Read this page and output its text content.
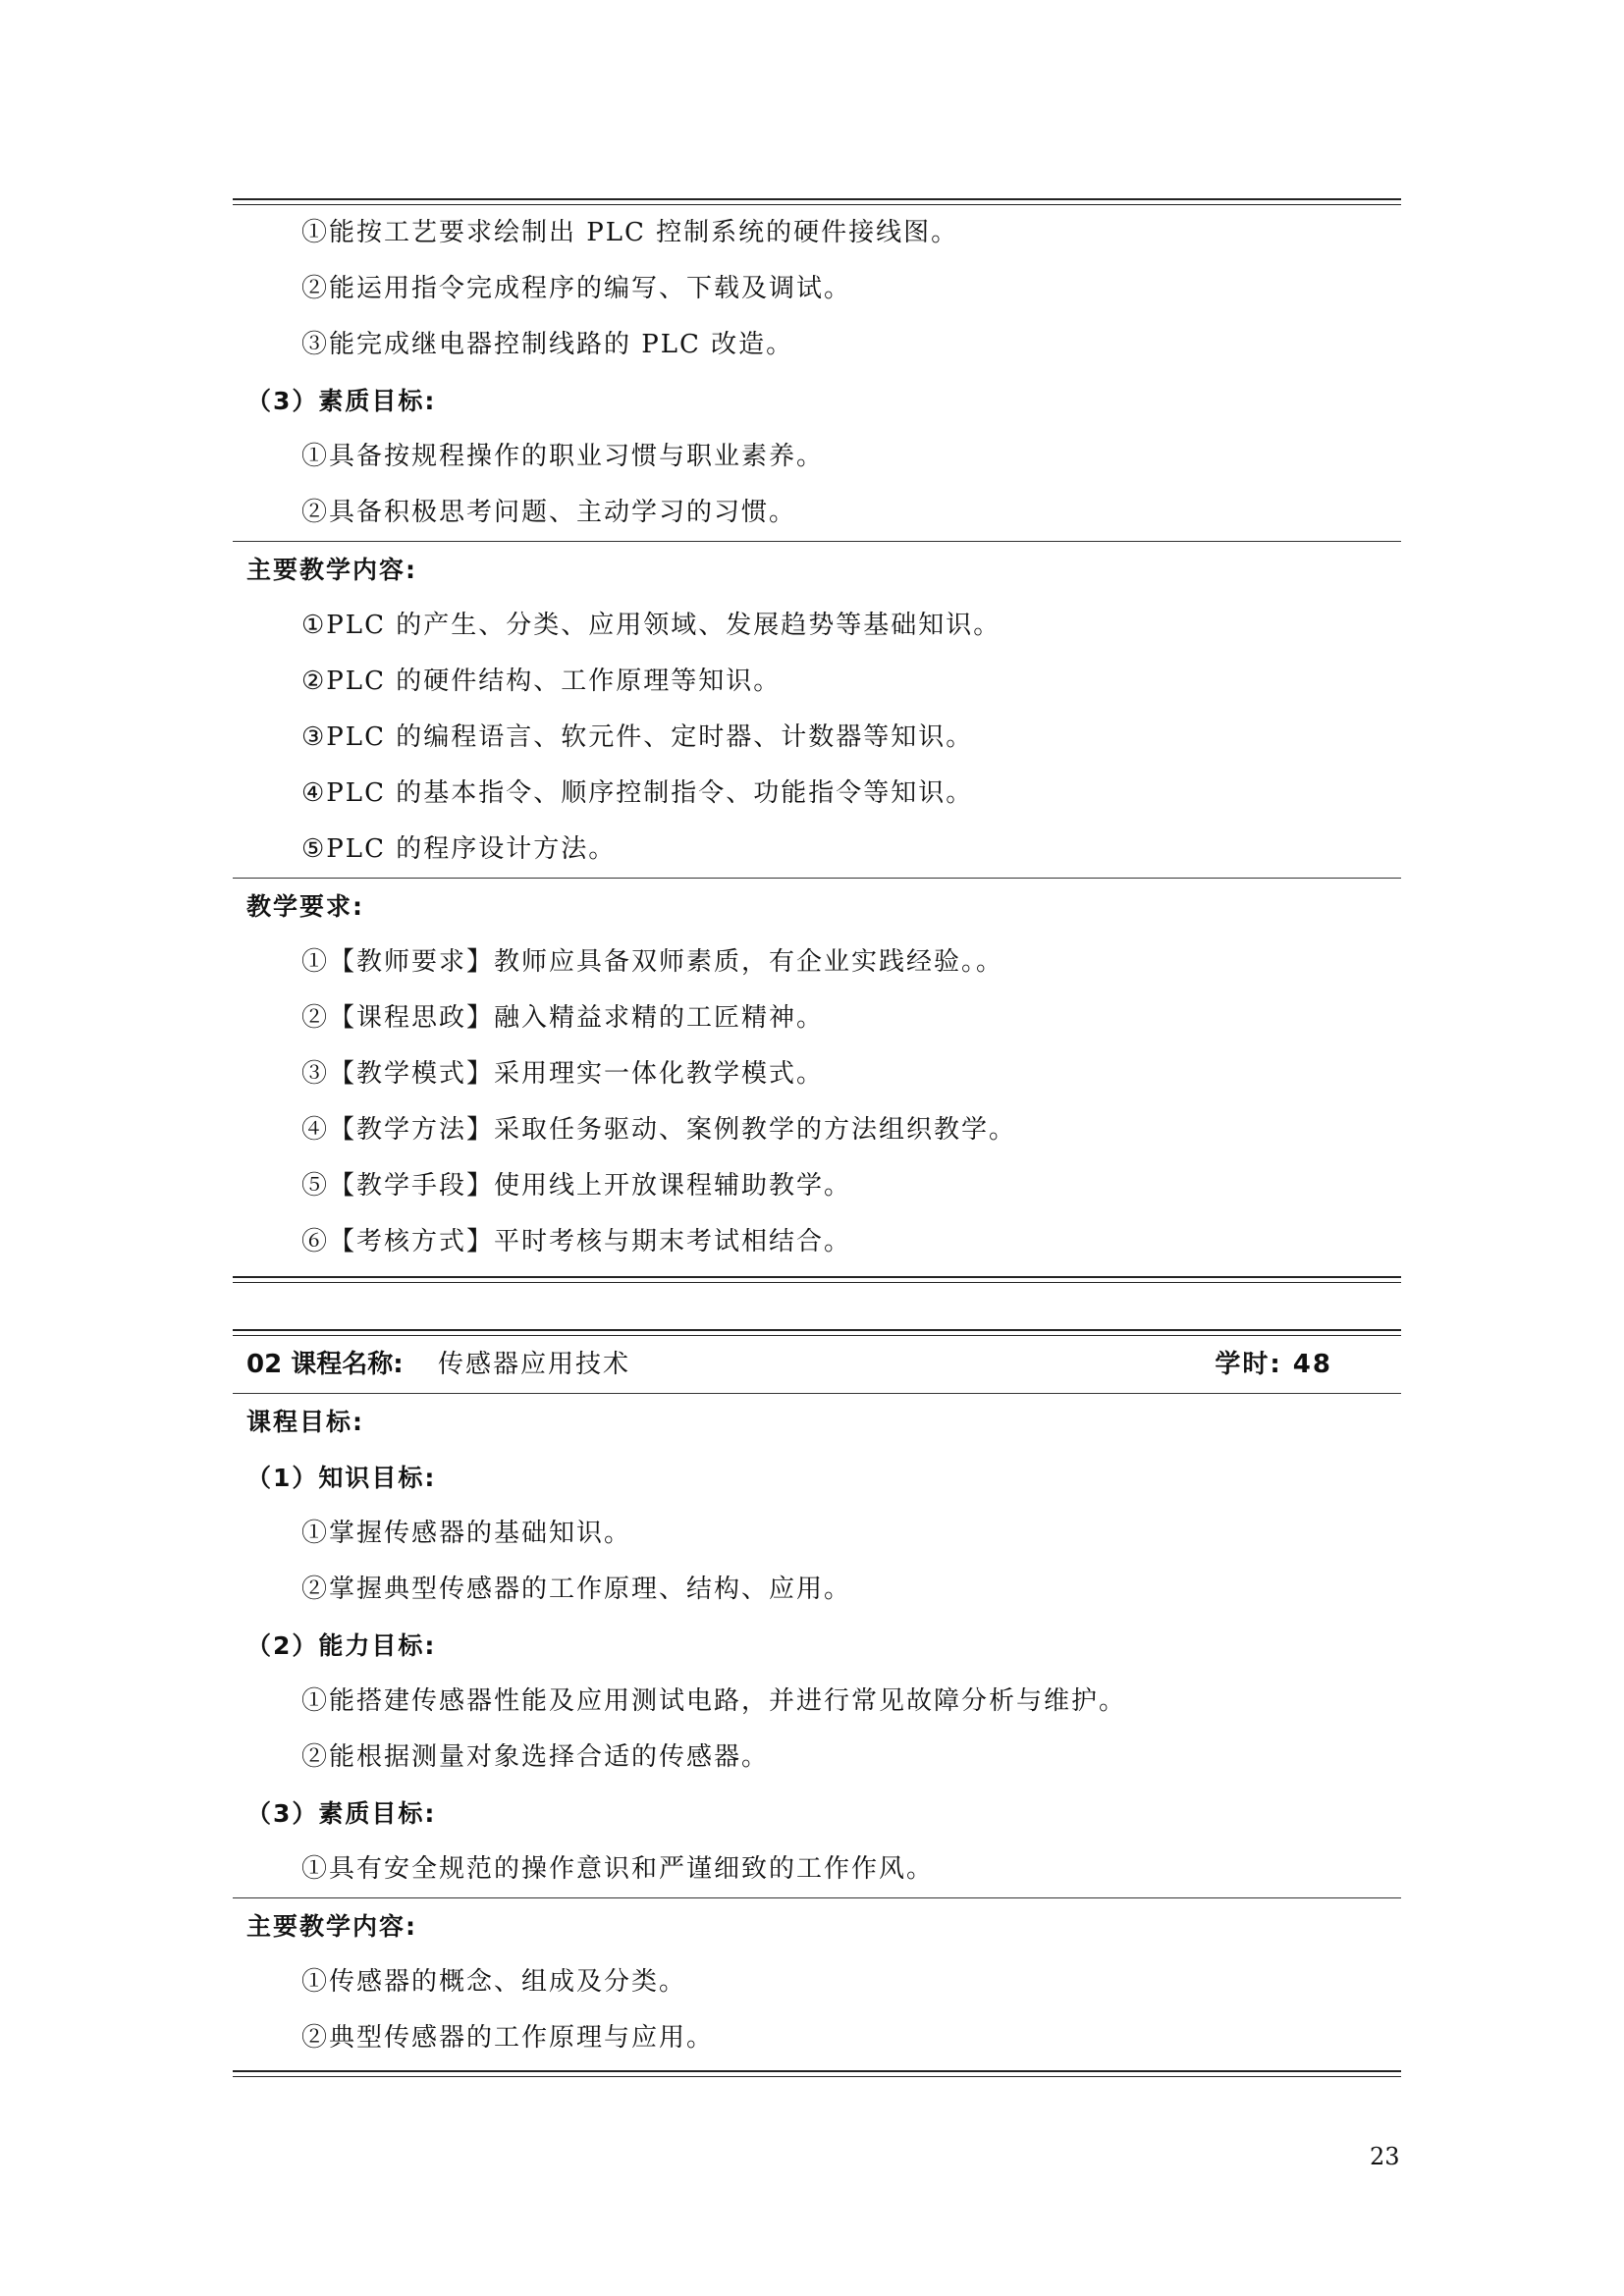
①能按工艺要求绘制出 PLC 控制系统的硬件接线图。
②能运用指令完成程序的编写、下载及调试。
③能完成继电器控制线路的 PLC 改造。
（3）素质目标:
①具备按规程操作的职业习惯与职业素养。
②具备积极思考问题、主动学习的习惯。
主要教学内容:
①PLC 的产生、分类、应用领域、发展趋势等基础知识。
②PLC 的硬件结构、工作原理等知识。
③PLC 的编程语言、软元件、定时器、计数器等知识。
④PLC 的基本指令、顺序控制指令、功能指令等知识。
⑤PLC 的程序设计方法。
教学要求:
①【教师要求】教师应具备双师素质，有企业实践经验。。
②【课程思政】融入精益求精的工匠精神。
③【教学模式】采用理实一体化教学模式。
④【教学方法】采取任务驱动、案例教学的方法组织教学。
⑤【教学手段】使用线上开放课程辅助教学。
⑥【考核方式】平时考核与期末考试相结合。
02 课程名称:	传感器应用技术	学时: 48
课程目标:
（1）知识目标:
①掌握传感器的基础知识。
②掌握典型传感器的工作原理、结构、应用。
（2）能力目标:
①能搭建传感器性能及应用测试电路，并进行常见故障分析与维护。
②能根据测量对象选择合适的传感器。
（3）素质目标:
①具有安全规范的操作意识和严谨细致的工作作风。
主要教学内容:
①传感器的概念、组成及分类。
②典型传感器的工作原理与应用。
23
